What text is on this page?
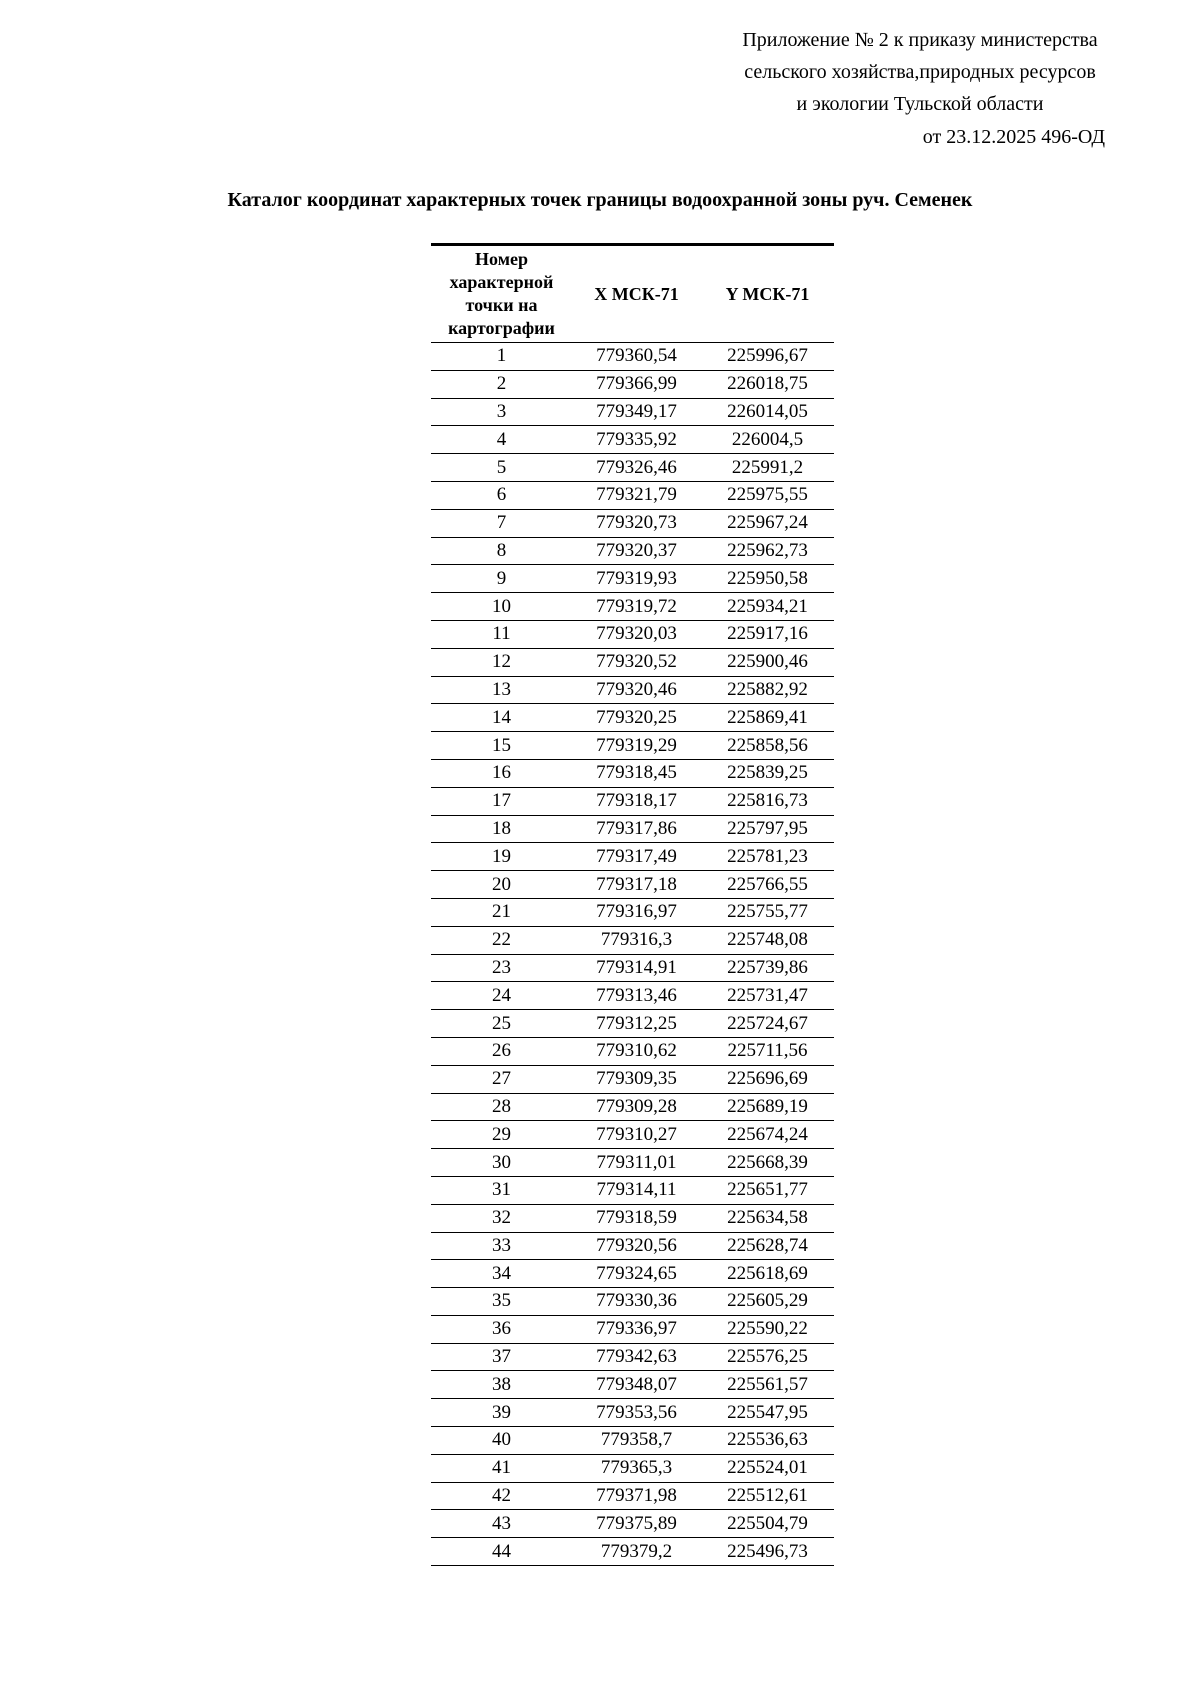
Приложение № 2 к приказу министерства
сельского хозяйства,природных ресурсов
и экологии Тульской области
от 23.12.2025 496-ОД
Каталог координат характерных точек границы водоохранной зоны руч. Семенек
Номер характерной точки на картографии	X МСК-71	Y МСК-71
1	779360,54	225996,67
2	779366,99	226018,75
3	779349,17	226014,05
4	779335,92	226004,5
5	779326,46	225991,2
6	779321,79	225975,55
7	779320,73	225967,24
8	779320,37	225962,73
9	779319,93	225950,58
10	779319,72	225934,21
11	779320,03	225917,16
12	779320,52	225900,46
13	779320,46	225882,92
14	779320,25	225869,41
15	779319,29	225858,56
16	779318,45	225839,25
17	779318,17	225816,73
18	779317,86	225797,95
19	779317,49	225781,23
20	779317,18	225766,55
21	779316,97	225755,77
22	779316,3	225748,08
23	779314,91	225739,86
24	779313,46	225731,47
25	779312,25	225724,67
26	779310,62	225711,56
27	779309,35	225696,69
28	779309,28	225689,19
29	779310,27	225674,24
30	779311,01	225668,39
31	779314,11	225651,77
32	779318,59	225634,58
33	779320,56	225628,74
34	779324,65	225618,69
35	779330,36	225605,29
36	779336,97	225590,22
37	779342,63	225576,25
38	779348,07	225561,57
39	779353,56	225547,95
40	779358,7	225536,63
41	779365,3	225524,01
42	779371,98	225512,61
43	779375,89	225504,79
44	779379,2	225496,73
